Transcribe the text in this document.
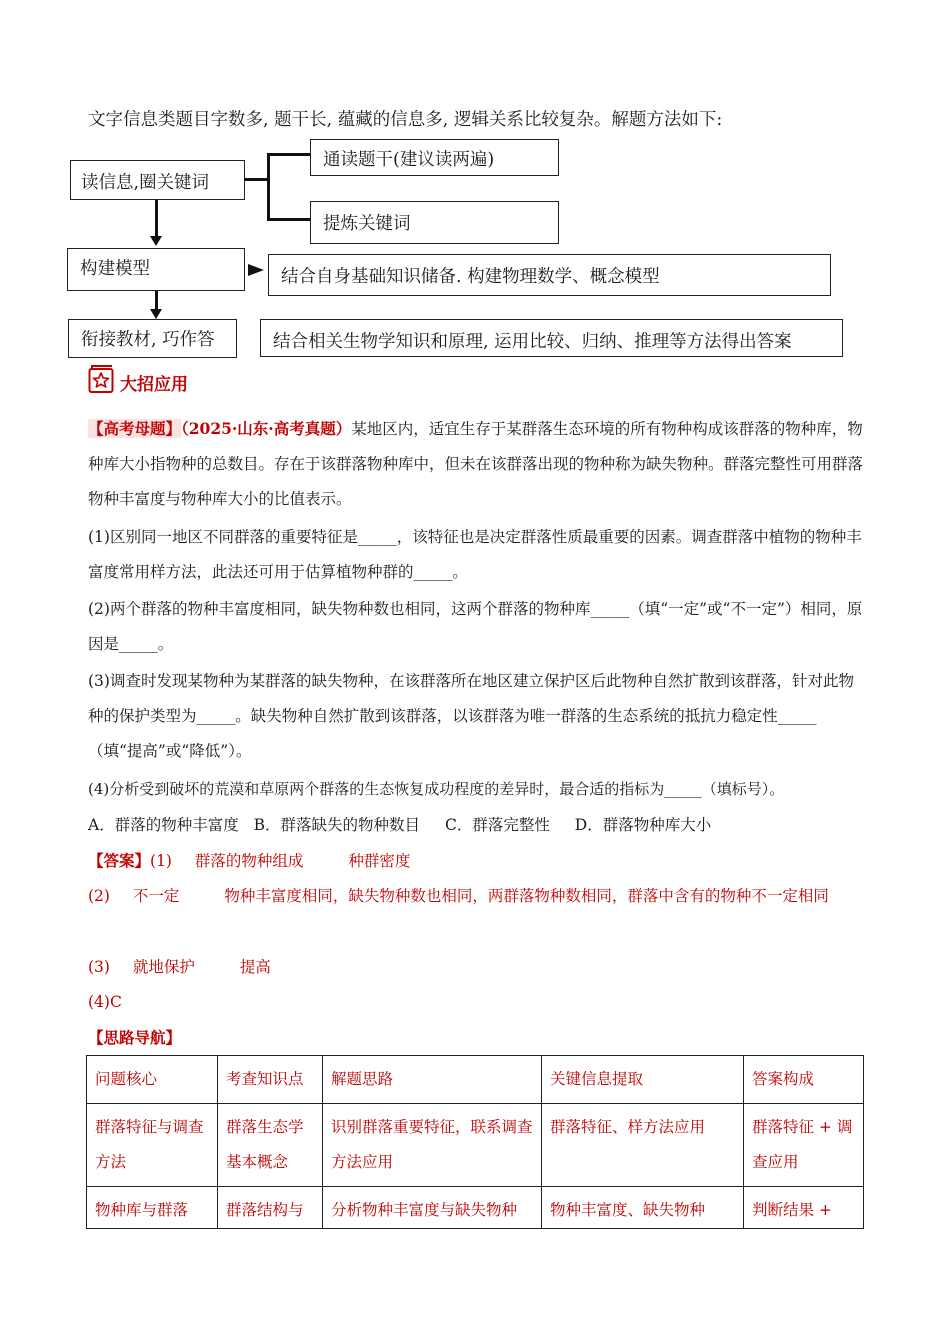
文字信息类题目字数多, 题干长, 蕴藏的信息多, 逻辑关系比较复杂。解题方法如下:
读信息,圈关键词
通读题干(建议读两遍)
提炼关键词
构建模型	结合自身基础知识储备. 构建物理数学、概念模型
衔接教材, 巧作答	结合相关生物学知识和原理, 运用比较、归纳、推理等方法得出答案
大招应用
【高考母题】（2025·山东·高考真题）某地区内，适宜生存于某群落生态环境的所有物种构成该群落的物种库，物种库大小指物种的总数目。存在于该群落物种库中，但未在该群落出现的物种称为缺失物种。群落完整性可用群落物种丰富度与物种库大小的比值表示。
(1)区别同一地区不同群落的重要特征是_____，该特征也是决定群落性质最重要的因素。调查群落中植物的物种丰富度常用样方法，此法还可用于估算植物种群的_____。
(2)两个群落的物种丰富度相同，缺失物种数也相同，这两个群落的物种库_____（填“一定”或“不一定”）相同，原因是_____。
(3)调查时发现某物种为某群落的缺失物种，在该群落所在地区建立保护区后此物种自然扩散到该群落，针对此物种的保护类型为_____。缺失物种自然扩散到该群落，以该群落为唯一群落的生态系统的抵抗力稳定性_____（填“提高”或“降低”）。
(4)分析受到破坏的荒漠和草原两个群落的生态恢复成功程度的差异时，最合适的指标为_____（填标号）。
A．群落的物种丰富度 B．群落缺失的物种数目 C．群落完整性 D．群落物种库大小
【答案】(1) 群落的物种组成	种群密度
(2) 不一定	物种丰富度相同，缺失物种数也相同，两群落物种数相同，群落中含有的物种不一定相同
(3) 就地保护	提高
(4)C
【思路导航】
问题核心	考查知识点	解题思路	关键信息提取	答案构成
群落特征与调查方法	群落生态学基本概念	识别群落重要特征，联系调查方法应用	群落特征、样方法应用	群落特征 + 调查应用
物种库与群落	群落结构与	分析物种丰富度与缺失物种	物种丰富度、缺失物种	判断结果 +
